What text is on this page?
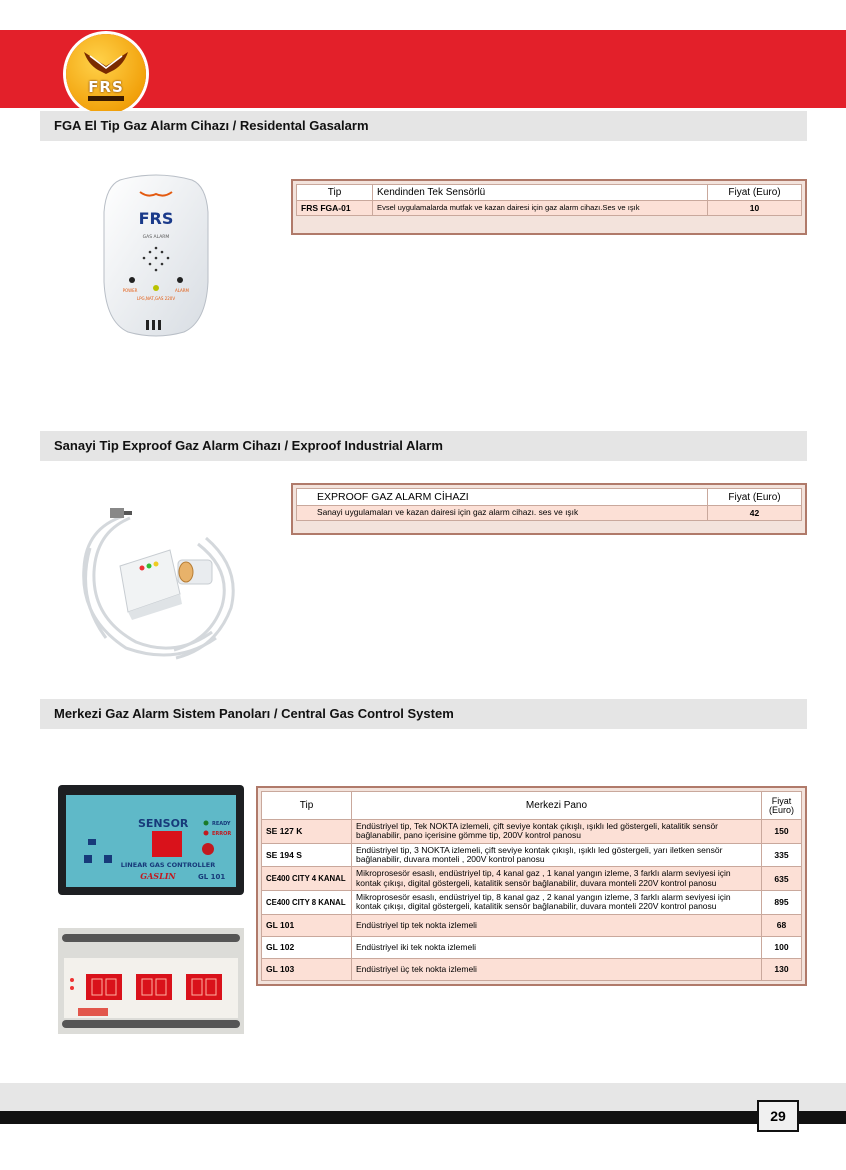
FRS
FGA El Tip Gaz Alarm Cihazı / Residental Gasalarm
FRS
GAS ALARM
POWER	ALARM
LPG,NAT,GAS 220V
Tip	Kendinden Tek Sensörlü	Fiyat (Euro)
FRS FGA-01	Evsel uygulamalarda mutfak ve kazan dairesi için gaz alarm cihazı.Ses ve ışık	10
Sanayi Tip Exproof Gaz Alarm Cihazı / Exproof Industrial Alarm
EXPROOF GAZ ALARM CİHAZI	Fiyat (Euro)
Sanayi uygulamaları ve kazan dairesi için gaz alarm cihazı. ses ve ışık	42
Merkezi Gaz Alarm Sistem Panoları / Central Gas Control System
SENSOR	READY
ERROR
LINEAR GAS CONTROLLER
GASLIN	GL 101
Tip	Merkezi Pano	Fiyat (Euro)
SE 127 K	Endüstriyel tip, Tek NOKTA izlemeli, çift seviye kontak çıkışlı, ışıklı led göstergeli, katalitik sensör bağlanabilir, pano içerisine gömme tip, 200V kontrol panosu	150
SE 194 S	Endüstriyel tip, 3 NOKTA izlemeli, çift seviye kontak çıkışlı, ışıklı led göstergeli, yarı iletken sensör bağlanabilir, duvara monteli , 200V kontrol panosu	335
CE400 CITY 4 KANAL	Mikroprosesör esaslı, endüstriyel tip, 4 kanal gaz , 1 kanal yangın izleme, 3 farklı alarm seviyesi için kontak çıkışı, digital göstergeli, katalitik sensör bağlanabilir, duvara monteli 220V kontrol panosu	635
CE400 CITY 8 KANAL	Mikroprosesör esaslı, endüstriyel tip, 8 kanal gaz , 2 kanal yangın izleme, 3 farklı alarm seviyesi için kontak çıkışı, digital göstergeli, katalitik sensör bağlanabilir, duvara monteli 220V kontrol panosu	895
GL 101	Endüstriyel tip tek nokta izlemeli	68
GL 102	Endüstriyel iki tek nokta izlemeli	100
GL 103	Endüstriyel üç tek nokta izlemeli	130
29
